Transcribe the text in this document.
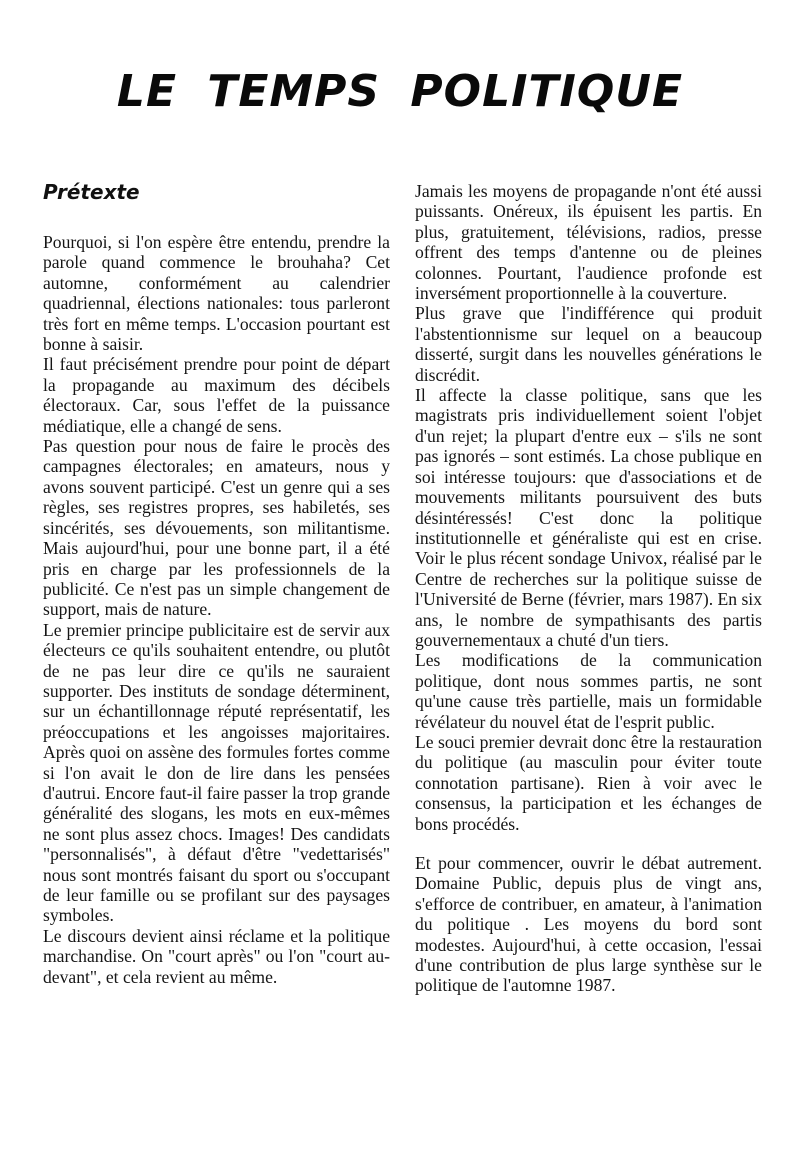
LE TEMPS POLITIQUE
Prétexte

Pourquoi, si l'on espère être entendu, prendre la parole quand commence le brouhaha? Cet automne, conformément au calendrier quadriennal, élections nationales: tous parleront très fort en même temps. L'occasion pourtant est bonne à saisir.

Il faut précisément prendre pour point de départ la propagande au maximum des décibels électoraux. Car, sous l'effet de la puissance médiatique, elle a changé de sens.

Pas question pour nous de faire le procès des campagnes électorales; en amateurs, nous y avons souvent participé. C'est un genre qui a ses règles, ses registres propres, ses habiletés, ses sincérités, ses dévouements, son militantisme. Mais aujourd'hui, pour une bonne part, il a été pris en charge par les professionnels de la publicité. Ce n'est pas un simple changement de support, mais de nature.

Le premier principe publicitaire est de servir aux électeurs ce qu'ils souhaitent entendre, ou plutôt de ne pas leur dire ce qu'ils ne sauraient supporter. Des instituts de sondage déterminent, sur un échantillonnage réputé représentatif, les préoccupations et les angoisses majoritaires. Après quoi on assène des formules fortes comme si l'on avait le don de lire dans les pensées d'autrui. Encore faut-il faire passer la trop grande généralité des slogans, les mots en eux-mêmes ne sont plus assez chocs. Images! Des candidats "personnalisés", à défaut d'être "vedettarisés" nous sont montrés faisant du sport ou s'occupant de leur famille ou se profilant sur des paysages symboles.

Le discours devient ainsi réclame et la politique marchandise. On "court après" ou l'on "court au-devant", et cela revient au même.

Jamais les moyens de propagande n'ont été aussi puissants. Onéreux, ils épuisent les partis. En plus, gratuitement, télévisions, radios, presse offrent des temps d'antenne ou de pleines colonnes. Pourtant, l'audience profonde est inversément proportionnelle à la couverture.

Plus grave que l'indifférence qui produit l'abstentionnisme sur lequel on a beaucoup disserté, surgit dans les nouvelles générations le discrédit.

Il affecte la classe politique, sans que les magistrats pris individuellement soient l'objet d'un rejet; la plupart d'entre eux – s'ils ne sont pas ignorés – sont estimés. La chose publique en soi intéresse toujours: que d'associations et de mouvements militants poursuivent des buts désintéressés! C'est donc la politique institutionnelle et généraliste qui est en crise. Voir le plus récent sondage Univox, réalisé par le Centre de recherches sur la politique suisse de l'Université de Berne (février, mars 1987). En six ans, le nombre de sympathisants des partis gouvernementaux a chuté d'un tiers.

Les modifications de la communication politique, dont nous sommes partis, ne sont qu'une cause très partielle, mais un formidable révélateur du nouvel état de l'esprit public.

Le souci premier devrait donc être la restauration du politique (au masculin pour éviter toute connotation partisane). Rien à voir avec le consensus, la participation et les échanges de bons procédés.

Et pour commencer, ouvrir le débat autrement. Domaine Public, depuis plus de vingt ans, s'efforce de contribuer, en amateur, à l'animation du politique . Les moyens du bord sont modestes. Aujourd'hui, à cette occasion, l'essai d'une contribution de plus large synthèse sur le politique de l'automne 1987.
